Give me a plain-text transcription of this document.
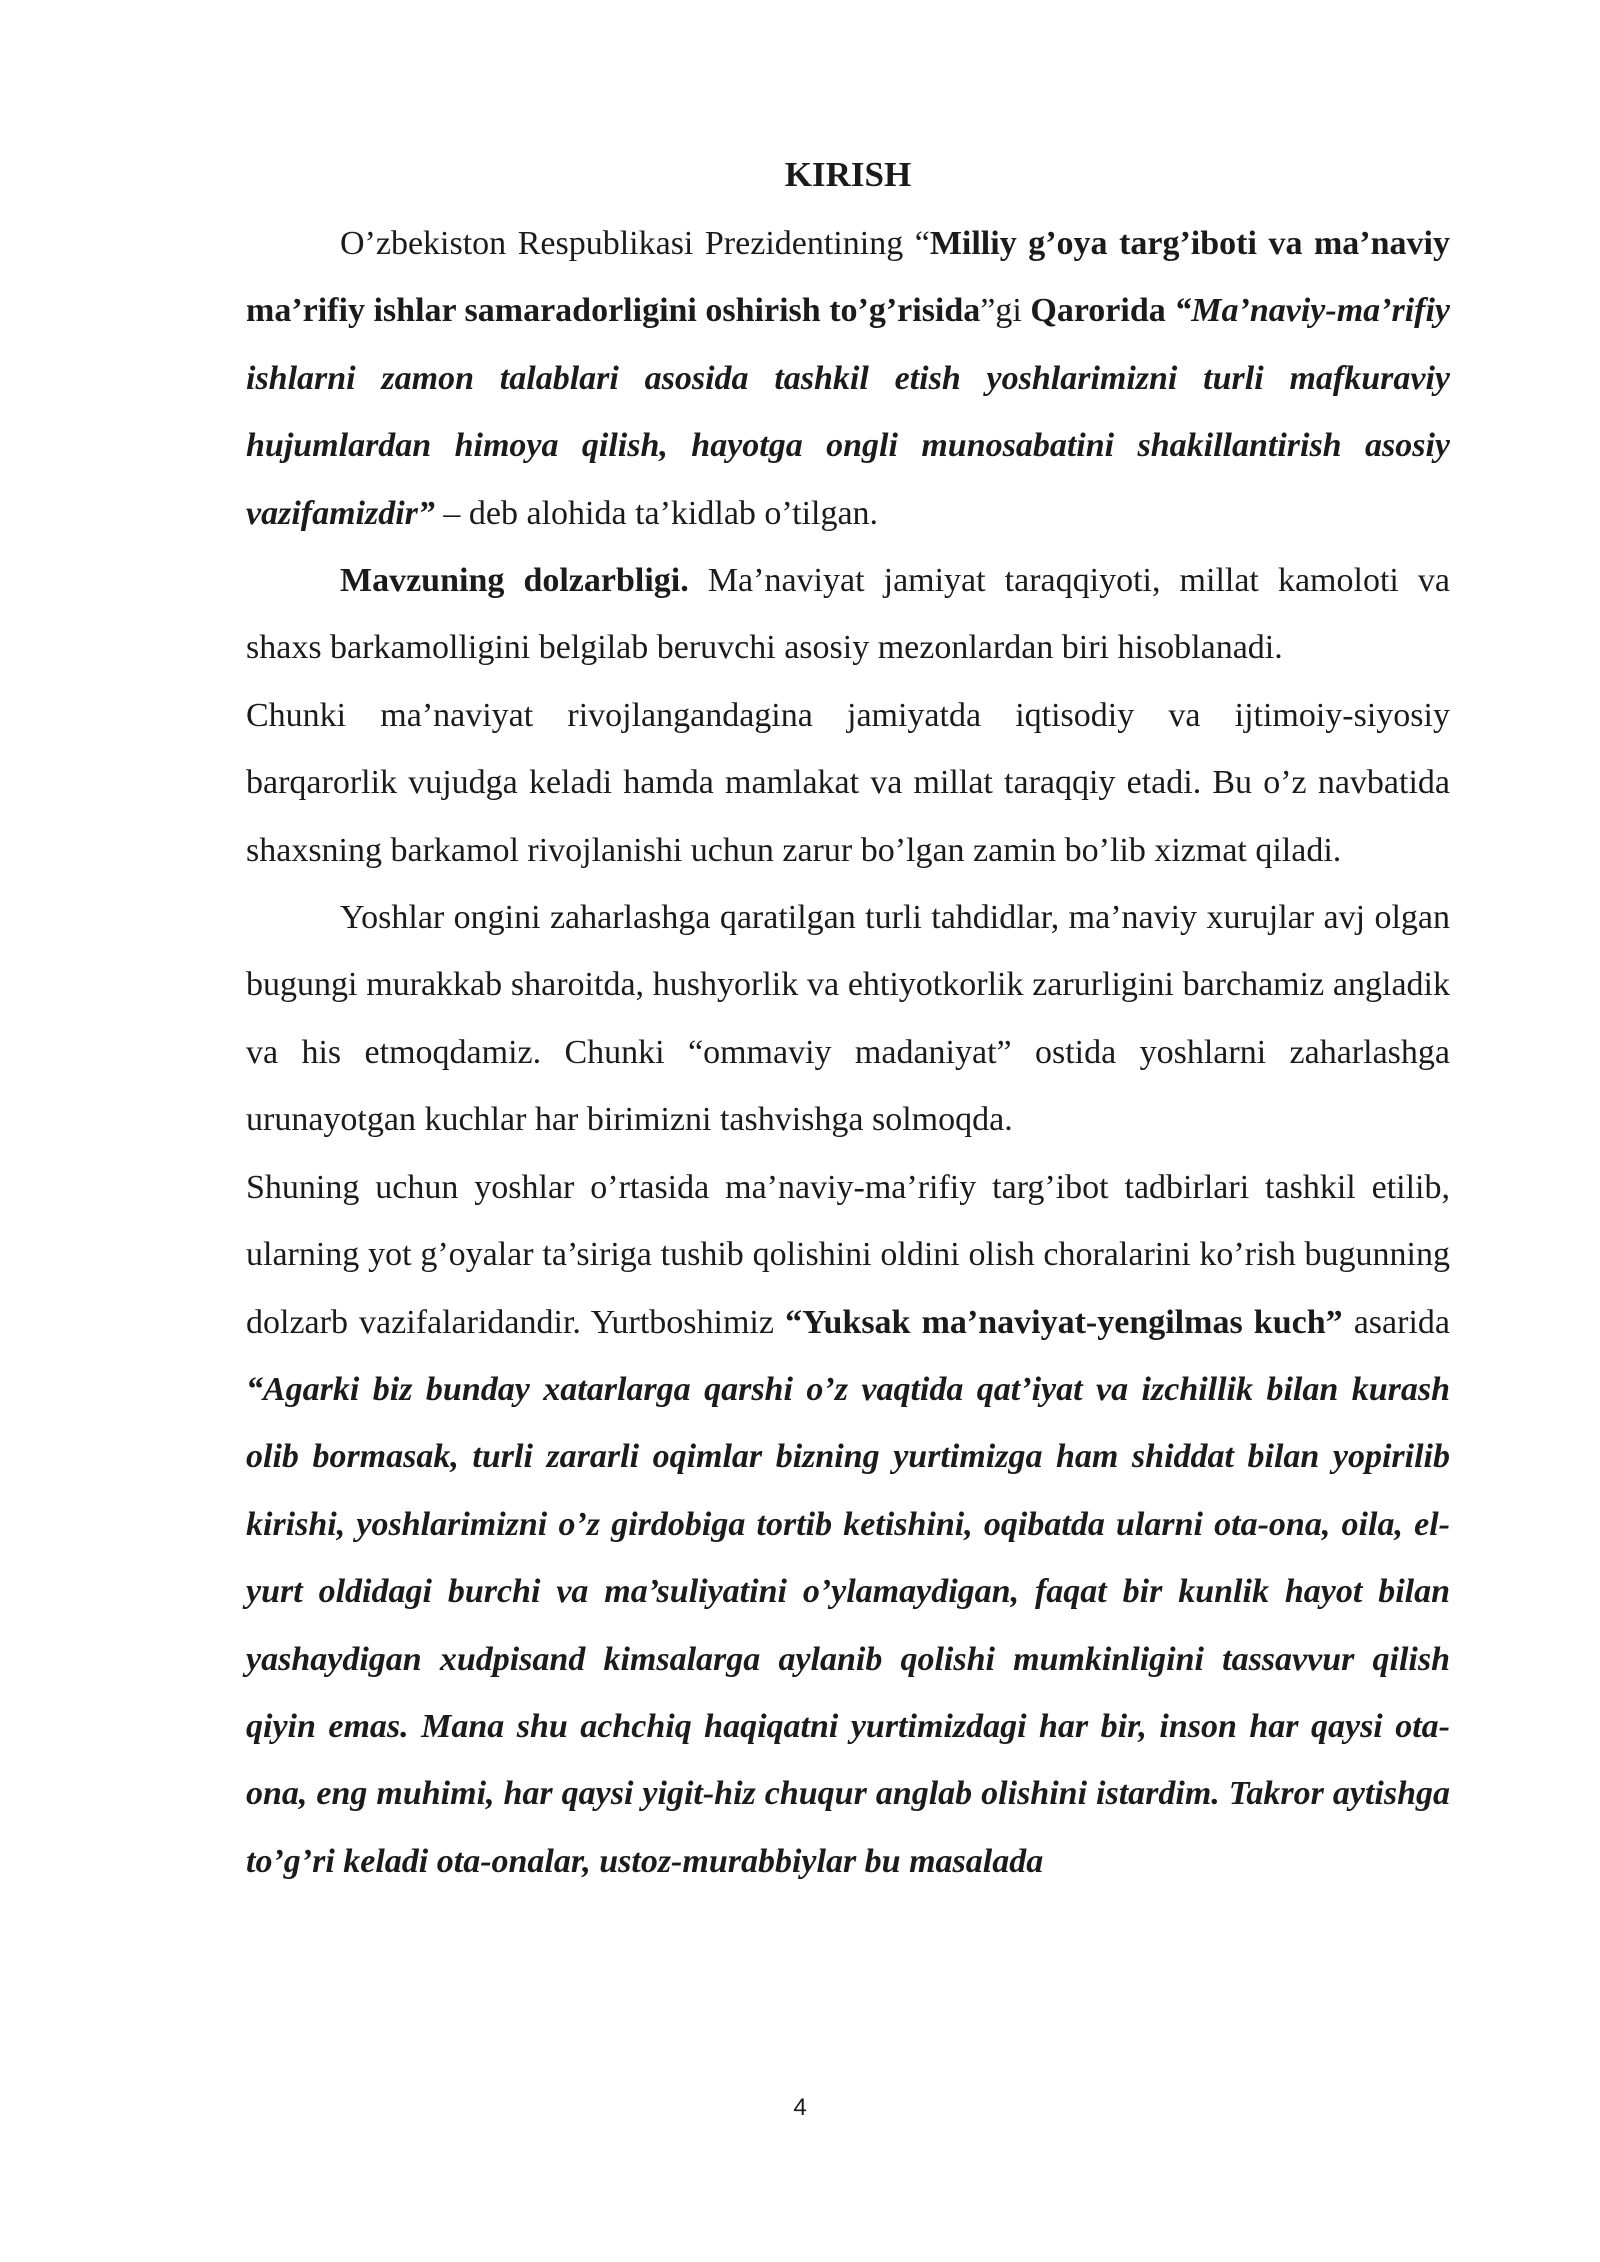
KIRISH

O’zbekiston Respublikasi Prezidentining “Milliy g’oya targ’iboti va ma’naviy ma’rifiy ishlar samaradorligini oshirish to’g’risida”gi Qarorida “Ma’naviy-ma’rifiy ishlarni zamon talablari asosida tashkil etish yoshlarimizni turli mafkuraviy hujumlardan himoya qilish, hayotga ongli munosabatini shakillantirish asosiy vazifamizdir” – deb alohida ta’kidlab o’tilgan.

Mavzuning dolzarbligi. Ma’naviyat jamiyat taraqqiyoti, millat kamoloti va shaxs barkamolligini belgilab beruvchi asosiy mezonlardan biri hisoblanadi.

Chunki ma’naviyat rivojlangandagina jamiyatda iqtisodiy va ijtimoiy-siyosiy barqarorlik vujudga keladi hamda mamlakat va millat taraqqiy etadi. Bu o’z navbatida shaxsning barkamol rivojlanishi uchun zarur bo’lgan zamin bo’lib xizmat qiladi.

Yoshlar ongini zaharlashga qaratilgan turli tahdidlar, ma’naviy xurujlar avj olgan bugungi murakkab sharoitda, hushyorlik va ehtiyotkorlik zarurligini barchamiz angladik va his etmoqdamiz. Chunki “ommaviy madaniyat” ostida yoshlarni zaharlashga urunayotgan kuchlar har birimizni tashvishga solmoqda.

Shuning uchun yoshlar o’rtasida ma’naviy-ma’rifiy targ’ibot tadbirlari tashkil etilib, ularning yot g’oyalar ta’siriga tushib qolishini oldini olish choralarini ko’rish bugunning dolzarb vazifalaridandir. Yurtboshimiz “Yuksak ma’naviyat-yengilmas kuch” asarida “Agarki biz bunday xatarlarga qarshi o’z vaqtida qat’iyat va izchillik bilan kurash olib bormasak, turli zararli oqimlar bizning yurtimizga ham shiddat bilan yopirilib kirishi, yoshlarimizni o’z girdobiga tortib ketishini, oqibatda ularni ota-ona, oila, el-yurt oldidagi burchi va ma’suliyatini o’ylamaydigan, faqat bir kunlik hayot bilan yashaydigan xudpisand kimsalarga aylanib qolishi mumkinligini tassavvur qilish qiyin emas. Mana shu achchiq haqiqatni yurtimizdagi har bir, inson har qaysi ota-ona, eng muhimi, har qaysi yigit-hiz chuqur anglab olishini istardim. Takror aytishga to’g’ri keladi ota-onalar, ustoz-murabbiylar bu masalada

4
